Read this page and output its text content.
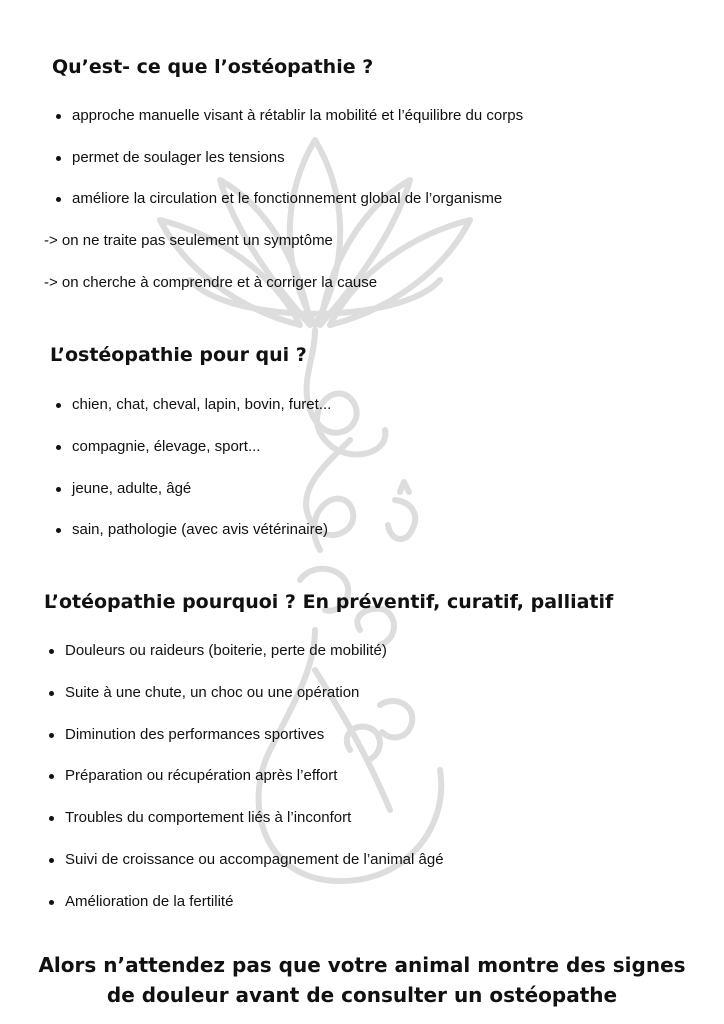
Qu’est- ce que l’ostéopathie ?
approche manuelle visant à rétablir la mobilité et l’équilibre du corps
permet de soulager les tensions
améliore la circulation et le fonctionnement global de l’organisme

-> on ne traite pas seulement un symptôme

-> on cherche à comprendre et à corriger la cause

L’ostéopathie pour qui ?
chien, chat, cheval, lapin, bovin, furet...
compagnie, élevage, sport...
jeune, adulte, âgé
sain, pathologie (avec avis vétérinaire)
L’otéopathie pourquoi ? En préventif, curatif, palliatif
Douleurs ou raideurs (boiterie, perte de mobilité)
Suite à une chute, un choc ou une opération
Diminution des performances sportives
Préparation ou récupération après l’effort
Troubles du comportement liés à l’inconfort
Suivi de croissance ou accompagnement de l’animal âgé
Amélioration de la fertilité

Alors n’attendez pas que votre animal montre des signes
de douleur avant de consulter un ostéopathe
